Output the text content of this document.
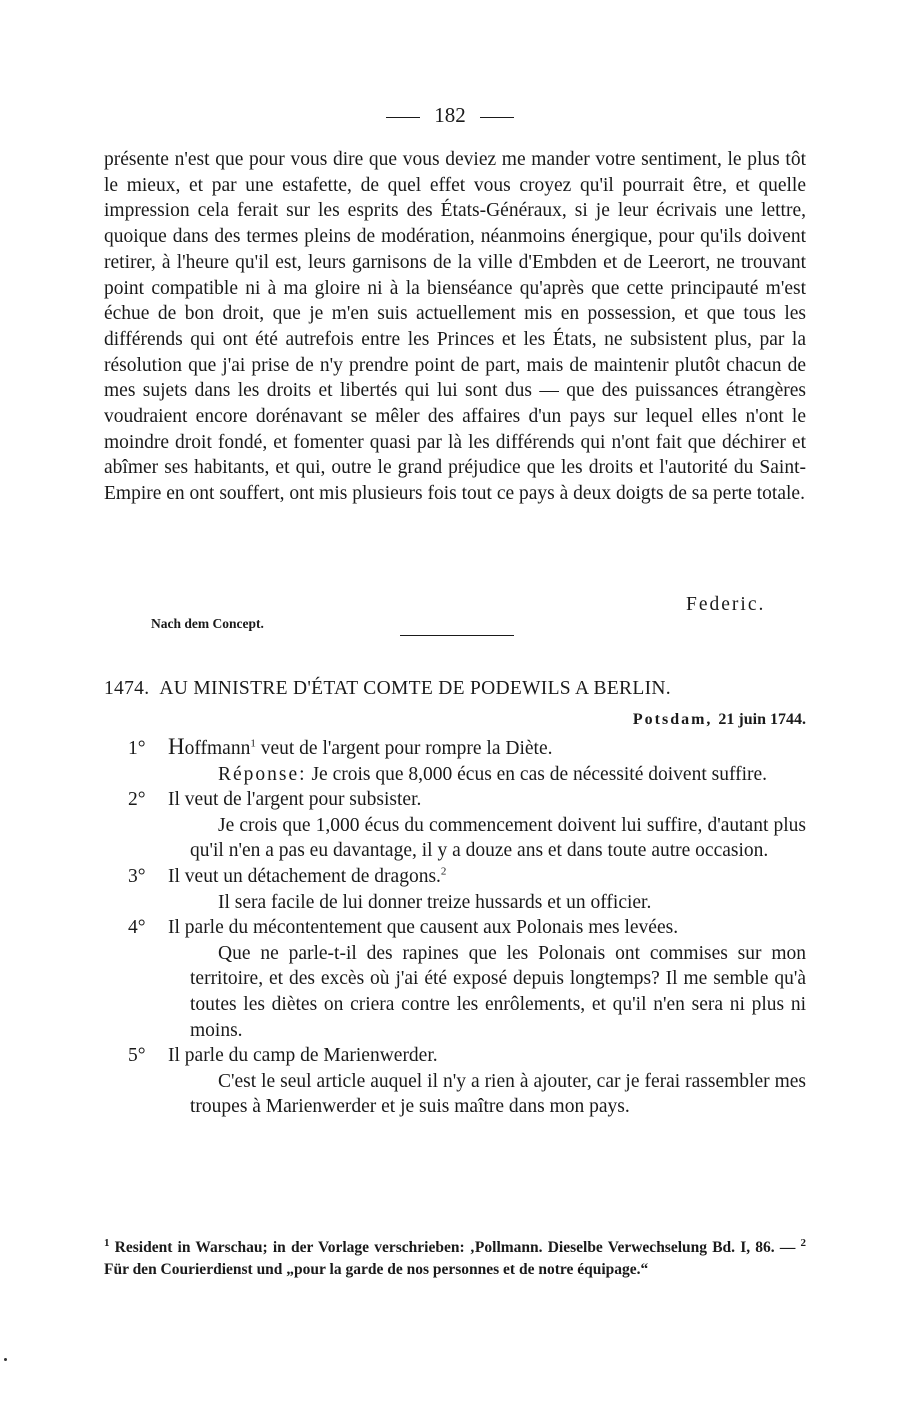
182

présente n'est que pour vous dire que vous deviez me mander votre sentiment, le plus tôt le mieux, et par une estafette, de quel effet vous croyez qu'il pourrait être, et quelle impression cela ferait sur les esprits des États-Généraux, si je leur écrivais une lettre, quoique dans des termes pleins de modération, néanmoins énergique, pour qu'ils doivent retirer, à l'heure qu'il est, leurs garnisons de la ville d'Embden et de Leerort, ne trouvant point compatible ni à ma gloire ni à la bienséance qu'après que cette principauté m'est échue de bon droit, que je m'en suis actuellement mis en possession, et que tous les différends qui ont été autrefois entre les Princes et les États, ne subsistent plus, par la résolution que j'ai prise de n'y prendre point de part, mais de maintenir plutôt chacun de mes sujets dans les droits et libertés qui lui sont dus — que des puissances étrangères voudraient encore dorénavant se mêler des affaires d'un pays sur lequel elles n'ont le moindre droit fondé, et fomenter quasi par là les différends qui n'ont fait que déchirer et abîmer ses habitants, et qui, outre le grand préjudice que les droits et l'autorité du Saint-Empire en ont souffert, ont mis plusieurs fois tout ce pays à deux doigts de sa perte totale.

Federic.
Nach dem Concept.
1474. AU MINISTRE D'ÉTAT COMTE DE PODEWILS A BERLIN.
Potsdam, 21 juin 1744.
1° Hoffmann$^1$ veut de l'argent pour rompre la Diète.
Réponse: Je crois que 8,000 écus en cas de nécessité doivent suffire.
2° Il veut de l'argent pour subsister.
Je crois que 1,000 écus du commencement doivent lui suffire, d'autant plus qu'il n'en a pas eu davantage, il y a douze ans et dans toute autre occasion.
3° Il veut un détachement de dragons.$^2$
Il sera facile de lui donner treize hussards et un officier.
4° Il parle du mécontentement que causent aux Polonais mes levées.
Que ne parle-t-il des rapines que les Polonais ont commises sur mon territoire, et des excès où j'ai été exposé depuis longtemps? Il me semble qu'à toutes les diètes on criera contre les enrôlements, et qu'il n'en sera ni plus ni moins.
5° Il parle du camp de Marienwerder.
C'est le seul article auquel il n'y a rien à ajouter, car je ferai rassembler mes troupes à Marienwerder et je suis maître dans mon pays.
$^1$ Resident in Warschau; in der Vorlage verschrieben: ‚Pollmann. Dieselbe Verwechselung Bd. I, 86. — $^2$ Für den Courierdienst und „pour la garde de nos personnes et de notre équipage.“
